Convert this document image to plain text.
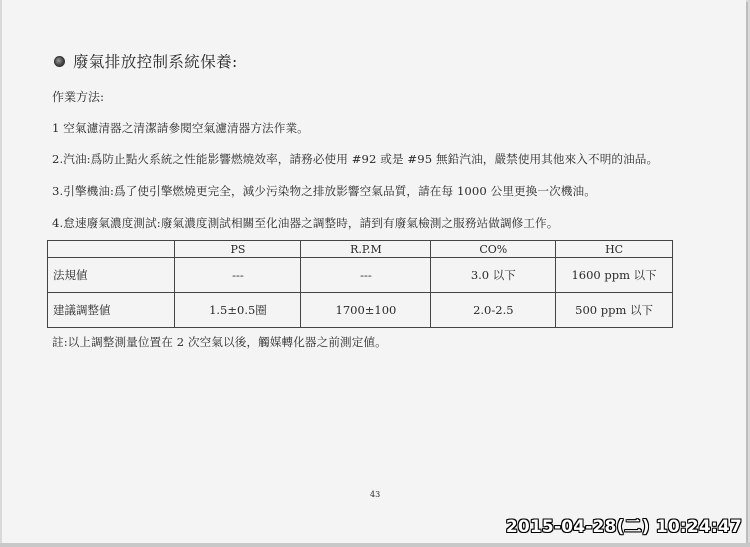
廢氣排放控制系統保養:
作業方法:
1 空氣濾清器之清潔請參閱空氣濾清器方法作業。
2.汽油:爲防止點火系統之性能影響燃燒效率，請務必使用 #92 或是 #95 無鉛汽油，嚴禁使用其他來入不明的油品。
3.引擎機油:爲了使引擎燃燒更完全，減少污染物之排放影響空氣品質，請在每 1000 公里更換一次機油。
4.怠速廢氣濃度測試:廢氣濃度測試相關至化油器之調整時，請到有廢氣檢測之服務站做調修工作。
	PS	R.P.M	CO%	HC
法規値	---	---	3.0 以下	1600 ppm 以下
建議調整値	1.5±0.5圈	1700±100	2.0-2.5	500 ppm 以下
註:以上調整測量位置在 2 次空氣以後，觸媒轉化器之前測定値。
43
2015-04-28(二) 10:24:47
